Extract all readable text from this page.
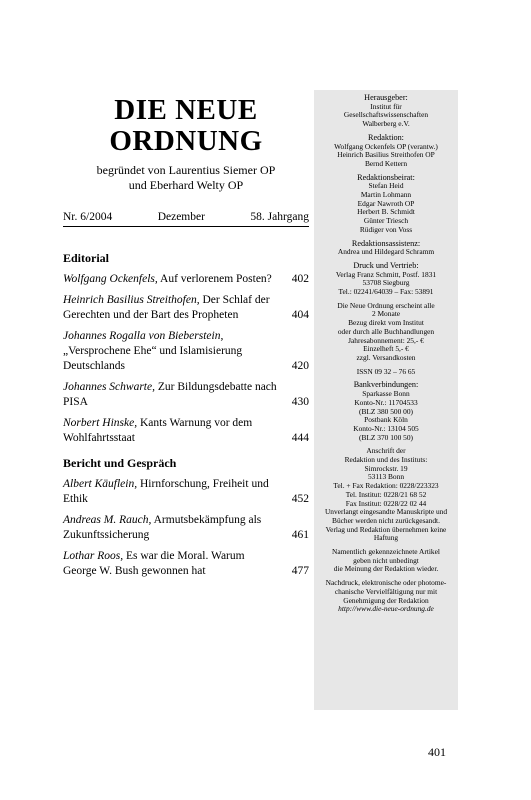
DIE NEUE
ORDNUNG
begründet von Laurentius Siemer OP
und Eberhard Welty OP
Nr. 6/2004	Dezember	58. Jahrgang
Editorial
Wolfgang Ockenfels, Auf verlorenem Posten?	402
Heinrich Basilius Streithofen, Der Schlaf der Gerechten und der Bart des Propheten	404
Johannes Rogalla von Bieberstein, „Versprochene Ehe“ und Islamisierung Deutschlands	420
Johannes Schwarte, Zur Bildungsdebatte nach PISA	430
Norbert Hinske, Kants Warnung vor dem Wohlfahrtsstaat	444
Bericht und Gespräch
Albert Käuflein, Hirnforschung, Freiheit und Ethik	452
Andreas M. Rauch, Armutsbekämpfung als Zukunftssicherung	461
Lothar Roos, Es war die Moral. Warum George W. Bush gewonnen hat	477
Herausgeber:
Institut für
Gesellschaftswissenschaften
Walberberg e.V.
Redaktion:
Wolfgang Ockenfels OP (verantw.)
Heinrich Basilius Streithofen OP
Bernd Kettern
Redaktionsbeirat:
Stefan Heid
Martin Lohmann
Edgar Nawroth OP
Herbert B. Schmidt
Günter Triesch
Rüdiger von Voss
Redaktionsassistenz:
Andrea und Hildegard Schramm
Druck und Vertrieb:
Verlag Franz Schmitt, Postf. 1831
53708 Siegburg
Tel.: 02241/64039 – Fax: 53891
Die Neue Ordnung erscheint alle
2 Monate
Bezug direkt vom Institut
oder durch alle Buchhandlungen
Jahresabonnement: 25,- €
Einzelheft 5,- €
zzgl. Versandkosten
ISSN 09 32 – 76 65
Bankverbindungen:
Sparkasse Bonn
Konto-Nr.: 11704533
(BLZ 380 500 00)
Postbank Köln
Konto-Nr.: 13104 505
(BLZ 370 100 50)
Anschrift der
Redaktion und des Instituts:
Simrockstr. 19
53113 Bonn
Tel. + Fax Redaktion: 0228/223323
Tel. Institut: 0228/21 68 52
Fax Institut: 0228/22 02 44
Unverlangt eingesandte Manuskripte und
Bücher werden nicht zurückgesandt.
Verlag und Redaktion übernehmen keine
Haftung
Namentlich gekennzeichnete Artikel
geben nicht unbedingt
die Meinung der Redaktion wieder.
Nachdruck, elektronische oder photome-
chanische Vervielfältigung nur mit
Genehmigung der Redaktion
http://www.die-neue-ordnung.de
401
